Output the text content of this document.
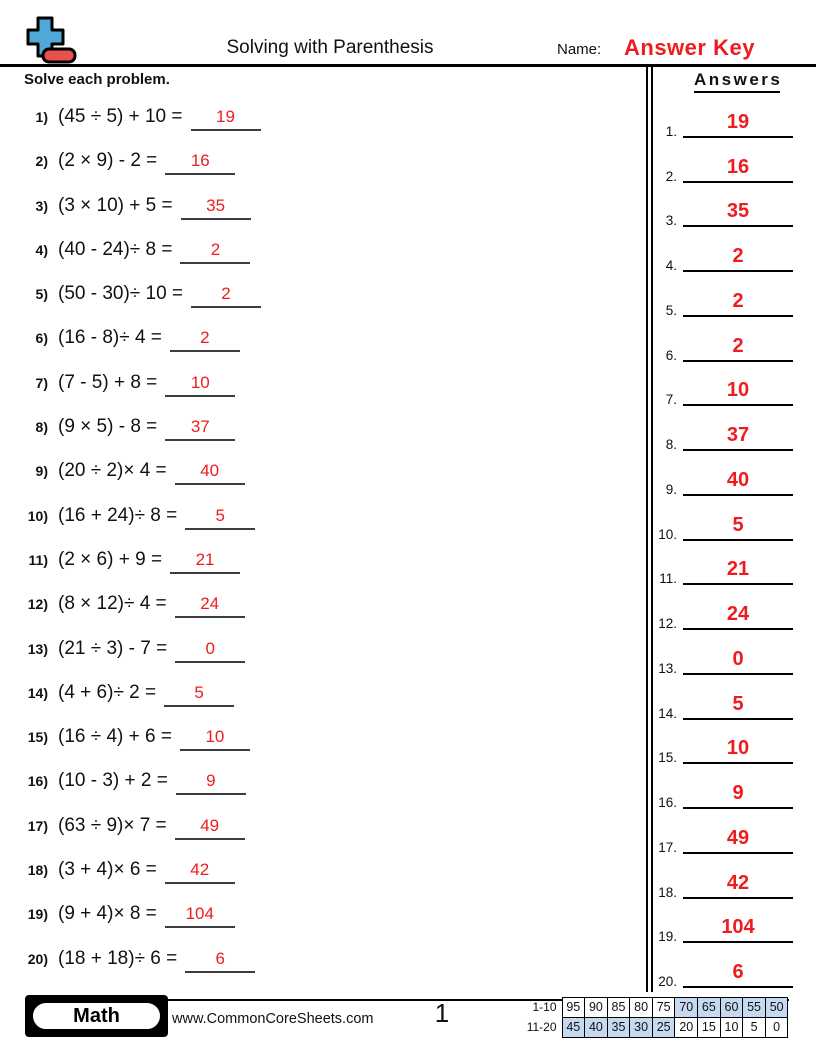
Solving with Parenthesis	Name: Answer Key
Solve each problem.
1) (45 ÷ 5) + 10 =	19
2) (2 × 9) - 2 =	16
3) (3 × 10) + 5 =	35
4) (40 - 24)÷ 8 =	2
5) (50 - 30)÷ 10 =	2
6) (16 - 8)÷ 4 =	2
7) (7 - 5) + 8 =	10
8) (9 × 5) - 8 =	37
9) (20 ÷ 2)× 4 =	40
10) (16 + 24)÷ 8 =	5
11) (2 × 6) + 9 =	21
12) (8 × 12)÷ 4 =	24
13) (21 ÷ 3) - 7 =	0
14) (4 + 6)÷ 2 =	5
15) (16 ÷ 4) + 6 =	10
16) (10 - 3) + 2 =	9
17) (63 ÷ 9)× 7 =	49
18) (3 + 4)× 6 =	42
19) (9 + 4)× 8 =	104
20) (18 + 18)÷ 6 =	6
Answers
1.	19
2.	16
3.	35
4.	2
5.	2
6.	2
7.	10
8.	37
9.	40
10.	5
11.	21
12.	24
13.	0
14.	5
15.	10
16.	9
17.	49
18.	42
19.	104
20.	6
Math	www.CommonCoreSheets.com	1	1-10	95	90	85	80	75	70	65	60	55	50
11-20	45	40	35	30	25	20	15	10	5	0
